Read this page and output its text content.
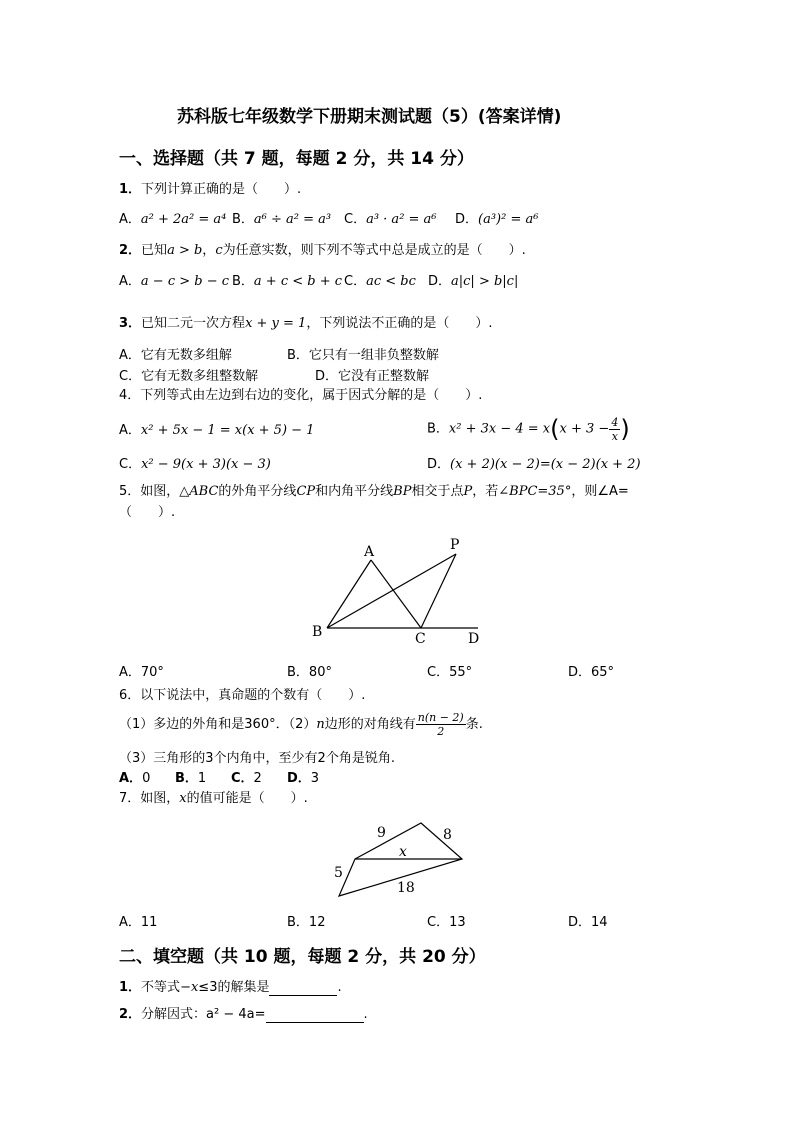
苏科版七年级数学下册期末测试题（5）(答案详情)
一、选择题（共 7 题，每题 2 分，共 14 分）
1．下列计算正确的是（　　）.
A．a² + 2a² = a⁴ B．a⁶ ÷ a² = a³ C．a³ · a² = a⁶ D．(a³)² = a⁶
2．已知a > b，c为任意实数，则下列不等式中总是成立的是（　　）.
A．a − c > b − c B．a + c < b + c C．ac < bc D．a|c| > b|c|
3．已知二元一次方程x + y = 1，下列说法不正确的是（　　）.
A．它有无数多组解	B．它只有一组非负整数解
C．它有无数多组整数解	D．它没有正整数解
4．下列等式由左边到右边的变化，属于因式分解的是（　　）.
A．x² + 5x − 1 = x(x + 5) − 1	B．$x^2 + 3x - 4 = x(x + 3 - \frac{4}{x}$ )
C．x² − 9(x + 3)(x − 3)	D．(x + 2)(x − 2)=(x − 2)(x + 2)
5．如图，△ABC的外角平分线CP和内角平分线BP相交于点P，若∠BPC=35°，则∠A=
（　　）.
A	P
B	C	D
A．70°	B．80°	C．55°	D．65°
6．以下说法中，真命题的个数有（　　）.
（1）多边的外角和是360°．（2）n边形的对角线有 $\frac{n(n - 2)}{2}$ 条.
（3）三角形的3个内角中，至少有2个角是锐角.
A．0 B．1 C．2 D．3
7．如图，x的值可能是（　　）.
9	8
x
5
18
A．11	B．12	C．13	D．14
二、填空题（共 10 题，每题 2 分，共 20 分）
1．不等式−x≤3的解集是	.
2．分解因式：a² − 4a=	.
